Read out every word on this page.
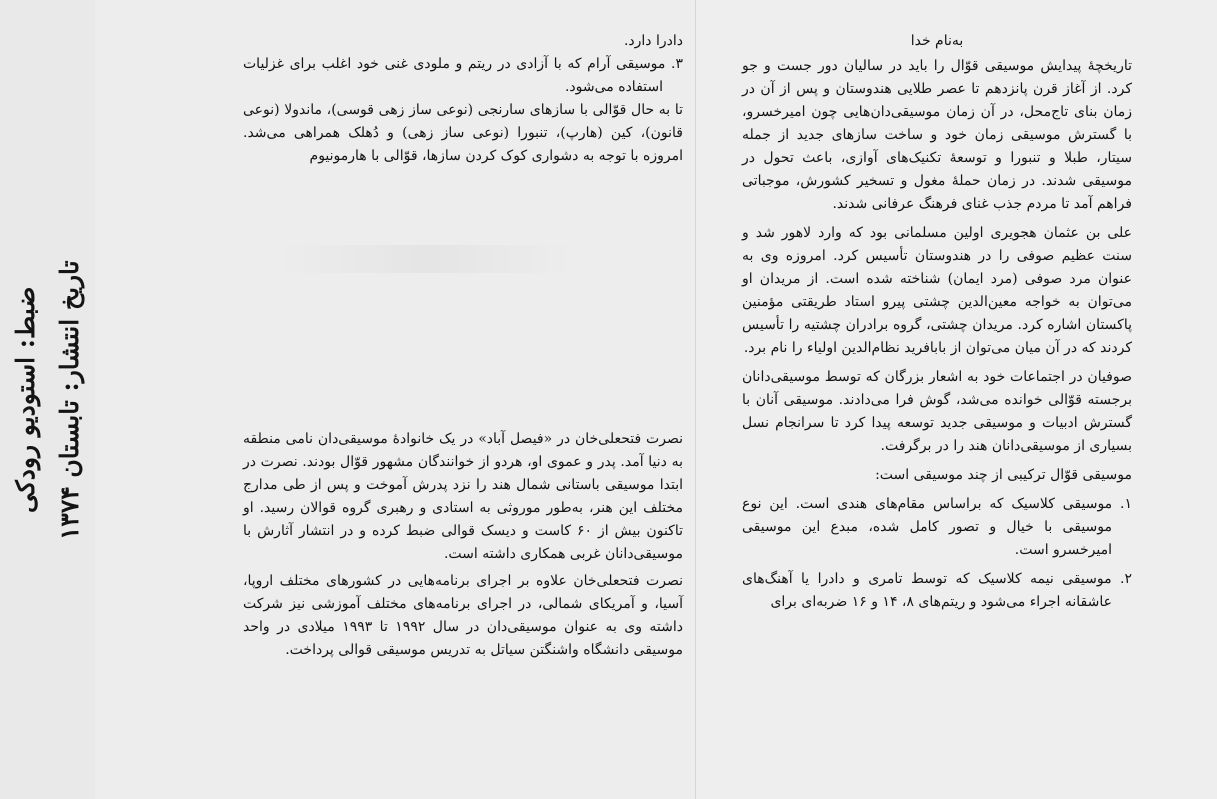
تاریخ انتشار: تابستان ۱۳۷۴
ضبط: استودیو رودکی

دادرا دارد.

۳. موسیقی آرام که با آزادی در ریتم و ملودی غنی خود اغلب برای غزلیات استفاده می‌شود.

تا به حال قوّالی با سازهای سارنجی (نوعی ساز زهی قوسی)، ماندولا (نوعی قانون)، کین (هارپ)، تنبورا (نوعی ساز زهی) و دُهلک همراهی می‌شد. امروزه با توجه به دشواری کوک کردن سازها، قوّالی با هارمونیوم

نصرت فتحعلی‌خان در «فیصل آباد» در یک خانوادهٔ موسیقی‌دان نامی منطقه به دنیا آمد. پدر و عموی او، هردو از خوانندگان مشهور قوّال بودند. نصرت در ابتدا موسیقی باستانی شمال هند را نزد پدرش آموخت و پس از طی مدارج مختلف این هنر، به‌طور موروثی به استادی و رهبری گروه قوالان رسید. او تاکنون بیش از ۶۰ کاست و دیسک قوالی ضبط کرده و در انتشار آثارش با موسیقی‌دانان غربی همکاری داشته است.

نصرت فتحعلی‌خان علاوه بر اجرای برنامه‌هایی در کشورهای مختلف اروپا، آسیا، و آمریکای شمالی، در اجرای برنامه‌های مختلف آموزشی نیز شرکت داشته وی به عنوان موسیقی‌دان در سال ۱۹۹۲ تا ۱۹۹۳ میلادی در واحد موسیقی دانشگاه واشنگتن سیاتل به تدریس موسیقی قوالی پرداخت.

به‌نام خدا

تاریخچهٔ پیدایش موسیقی قوّال را باید در سالیان دور جست و جو کرد. از آغاز قرن پانزدهم تا عصر طلایی هندوستان و پس از آن در زمان بنای تاج‌محل، در آن زمان موسیقی‌دان‌هایی چون امیرخسرو، با گسترش موسیقی زمان خود و ساخت سازهای جدید از جمله سیتار، طبلا و تنبورا و توسعهٔ تکنیک‌های آوازی، باعث تحول در موسیقی شدند. در زمان حملهٔ مغول و تسخیر کشورش، موجباتی فراهم آمد تا مردم جذب غنای فرهنگ عرفانی شدند.

علی بن عثمان هجویری اولین مسلمانی بود که وارد لاهور شد و سنت عظیم صوفی را در هندوستان تأسیس کرد. امروزه وی به عنوان مرد صوفی (مرد ایمان) شناخته شده است. از مریدان او می‌توان به خواجه معین‌الدین چشتی پیرو استاد طریقتی مؤمنین پاکستان اشاره کرد. مریدان چشتی، گروه برادران چشتیه را تأسیس کردند که در آن میان می‌توان از بابافرید نظام‌الدین اولیاء را نام برد.

صوفیان در اجتماعات خود به اشعار بزرگان که توسط موسیقی‌دانان برجسته قوّالی خوانده می‌شد، گوش فرا می‌دادند. موسیقی آنان با گسترش ادبیات و موسیقی جدید توسعه پیدا کرد تا سرانجام نسل بسیاری از موسیقی‌دانان هند را در برگرفت.

موسیقی قوّال ترکیبی از چند موسیقی است:

۱. موسیقی کلاسیک که براساس مقام‌های هندی است. این نوع موسیقی با خیال و تصور کامل شده، مبدع این موسیقی امیرخسرو است.

۲. موسیقی نیمه کلاسیک که توسط تامری و دادرا یا آهنگ‌های عاشقانه اجراء می‌شود و ریتم‌های ۸، ۱۴ و ۱۶ ضربه‌ای برای
